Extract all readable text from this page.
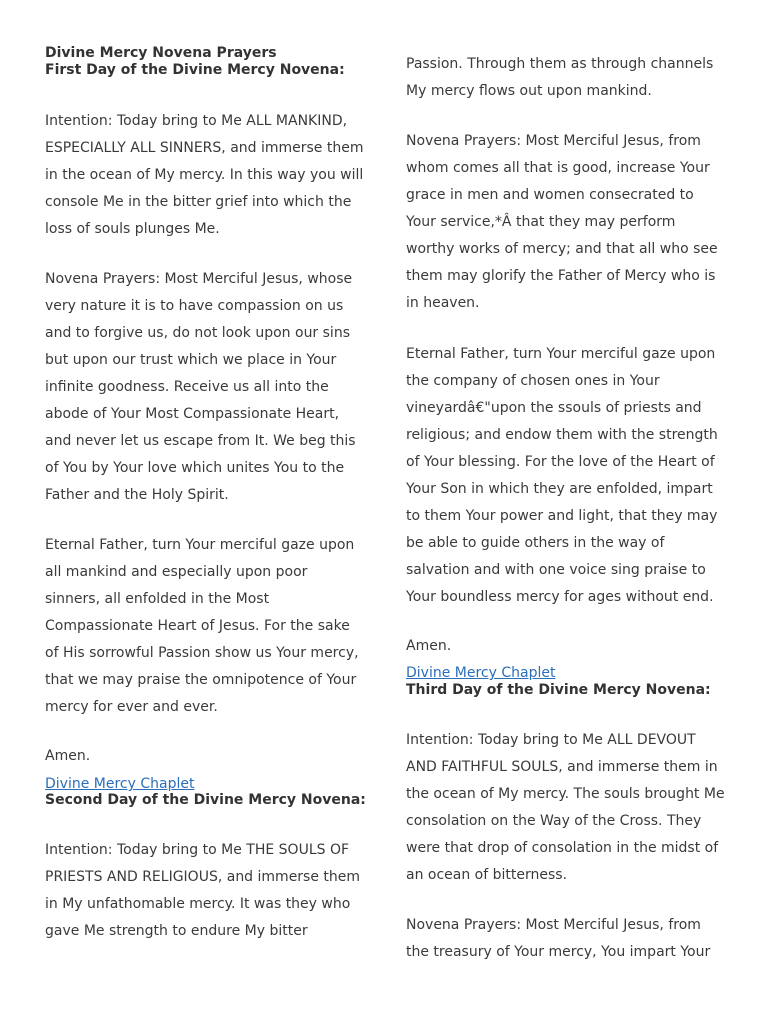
Divine Mercy Novena Prayers
First Day of the Divine Mercy Novena:
Intention: Today bring to Me ALL MANKIND,
ESPECIALLY ALL SINNERS, and immerse them
in the ocean of My mercy. In this way you will
console Me in the bitter grief into which the
loss of souls plunges Me.
Novena Prayers: Most Merciful Jesus, whose
very nature it is to have compassion on us
and to forgive us, do not look upon our sins
but upon our trust which we place in Your
infinite goodness. Receive us all into the
abode of Your Most Compassionate Heart,
and never let us escape from It. We beg this
of You by Your love which unites You to the
Father and the Holy Spirit.
Eternal Father, turn Your merciful gaze upon
all mankind and especially upon poor
sinners, all enfolded in the Most
Compassionate Heart of Jesus. For the sake
of His sorrowful Passion show us Your mercy,
that we may praise the omnipotence of Your
mercy for ever and ever.
Amen.
Divine Mercy Chaplet
Second Day of the Divine Mercy Novena:
Intention: Today bring to Me THE SOULS OF
PRIESTS AND RELIGIOUS, and immerse them
in My unfathomable mercy. It was they who
gave Me strength to endure My bitter
Passion. Through them as through channels
My mercy flows out upon mankind.
Novena Prayers: Most Merciful Jesus, from
whom comes all that is good, increase Your
grace in men and women consecrated to
Your service,*Â that they may perform
worthy works of mercy; and that all who see
them may glorify the Father of Mercy who is
in heaven.
Eternal Father, turn Your merciful gaze upon
the company of chosen ones in Your
vineyardâ€"upon the ssouls of priests and
religious; and endow them with the strength
of Your blessing. For the love of the Heart of
Your Son in which they are enfolded, impart
to them Your power and light, that they may
be able to guide others in the way of
salvation and with one voice sing praise to
Your boundless mercy for ages without end.
Amen.
Divine Mercy Chaplet
Third Day of the Divine Mercy Novena:
Intention: Today bring to Me ALL DEVOUT
AND FAITHFUL SOULS, and immerse them in
the ocean of My mercy. The souls brought Me
consolation on the Way of the Cross. They
were that drop of consolation in the midst of
an ocean of bitterness.
Novena Prayers: Most Merciful Jesus, from
the treasury of Your mercy, You impart Your
